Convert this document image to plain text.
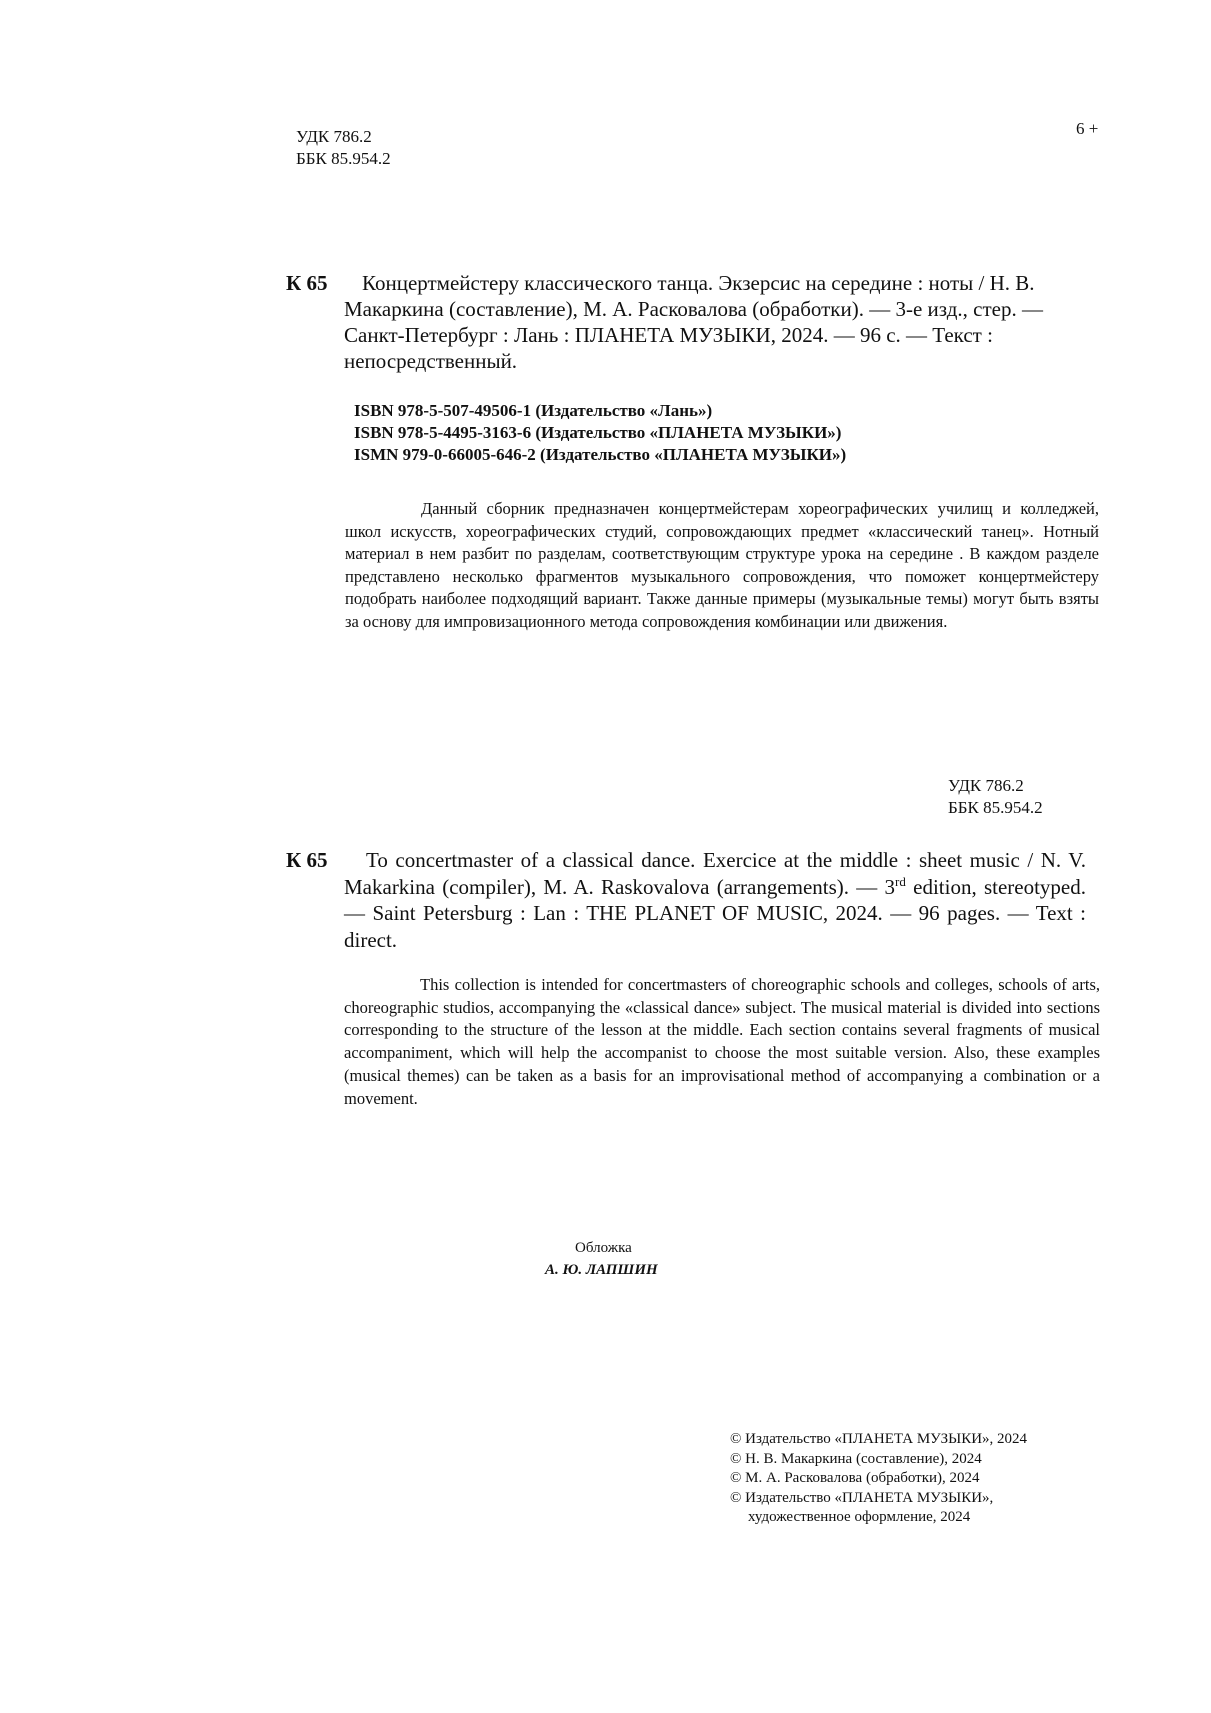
УДК 786.2
ББК 85.954.2
6 +
К 65	Концертмейстеру классического танца. Экзерсис на середине : ноты / Н. В. Макаркина (составление), М. А. Расковалова (обработки). — 3-е изд., стер. — Санкт-Петербург : Лань : ПЛАНЕТА МУЗЫКИ, 2024. — 96 с. — Текст : непосредственный.
ISBN 978-5-507-49506-1 (Издательство «Лань»)
ISBN 978-5-4495-3163-6 (Издательство «ПЛАНЕТА МУЗЫКИ»)
ISMN 979-0-66005-646-2 (Издательство «ПЛАНЕТА МУЗЫКИ»)

Данный сборник предназначен концертмейстерам хореографических училищ и колледжей, школ искусств, хореографических студий, сопровождающих предмет «классический танец». Нотный материал в нем разбит по разделам, соответствующим структуре урока на середине . В каждом разделе представлено несколько фрагментов музыкального сопровождения, что поможет концертмейстеру подобрать наиболее подходящий вариант. Также данные примеры (музыкальные темы) могут быть взяты за основу для импровизационного метода сопровождения комбинации или движения.

УДК 786.2
ББК 85.954.2
К 65	To concertmaster of a classical dance. Exercice at the middle : sheet music / N. V. Makarkina (compiler), M. A. Raskovalova (arrangements). — 3rd edition, stereotyped. — Saint Petersburg : Lan : THE PLANET OF MUSIC, 2024. — 96 pages. — Text : direct.

This collection is intended for concertmasters of choreographic schools and colleges, schools of arts, choreographic studios, accompanying the «classical dance» subject. The musical material is divided into sections corresponding to the structure of the lesson at the middle. Each section contains several fragments of musical accompaniment, which will help the accompanist to choose the most suitable version. Also, these examples (musical themes) can be taken as a basis for an improvisational method of accompanying a combination or a movement.

Обложка
А. Ю. ЛАПШИН
© Издательство «ПЛАНЕТА МУЗЫКИ», 2024
© Н. В. Макаркина (составление), 2024
© М. А. Расковалова (обработки), 2024
© Издательство «ПЛАНЕТА МУЗЫКИ»,
художественное оформление, 2024
